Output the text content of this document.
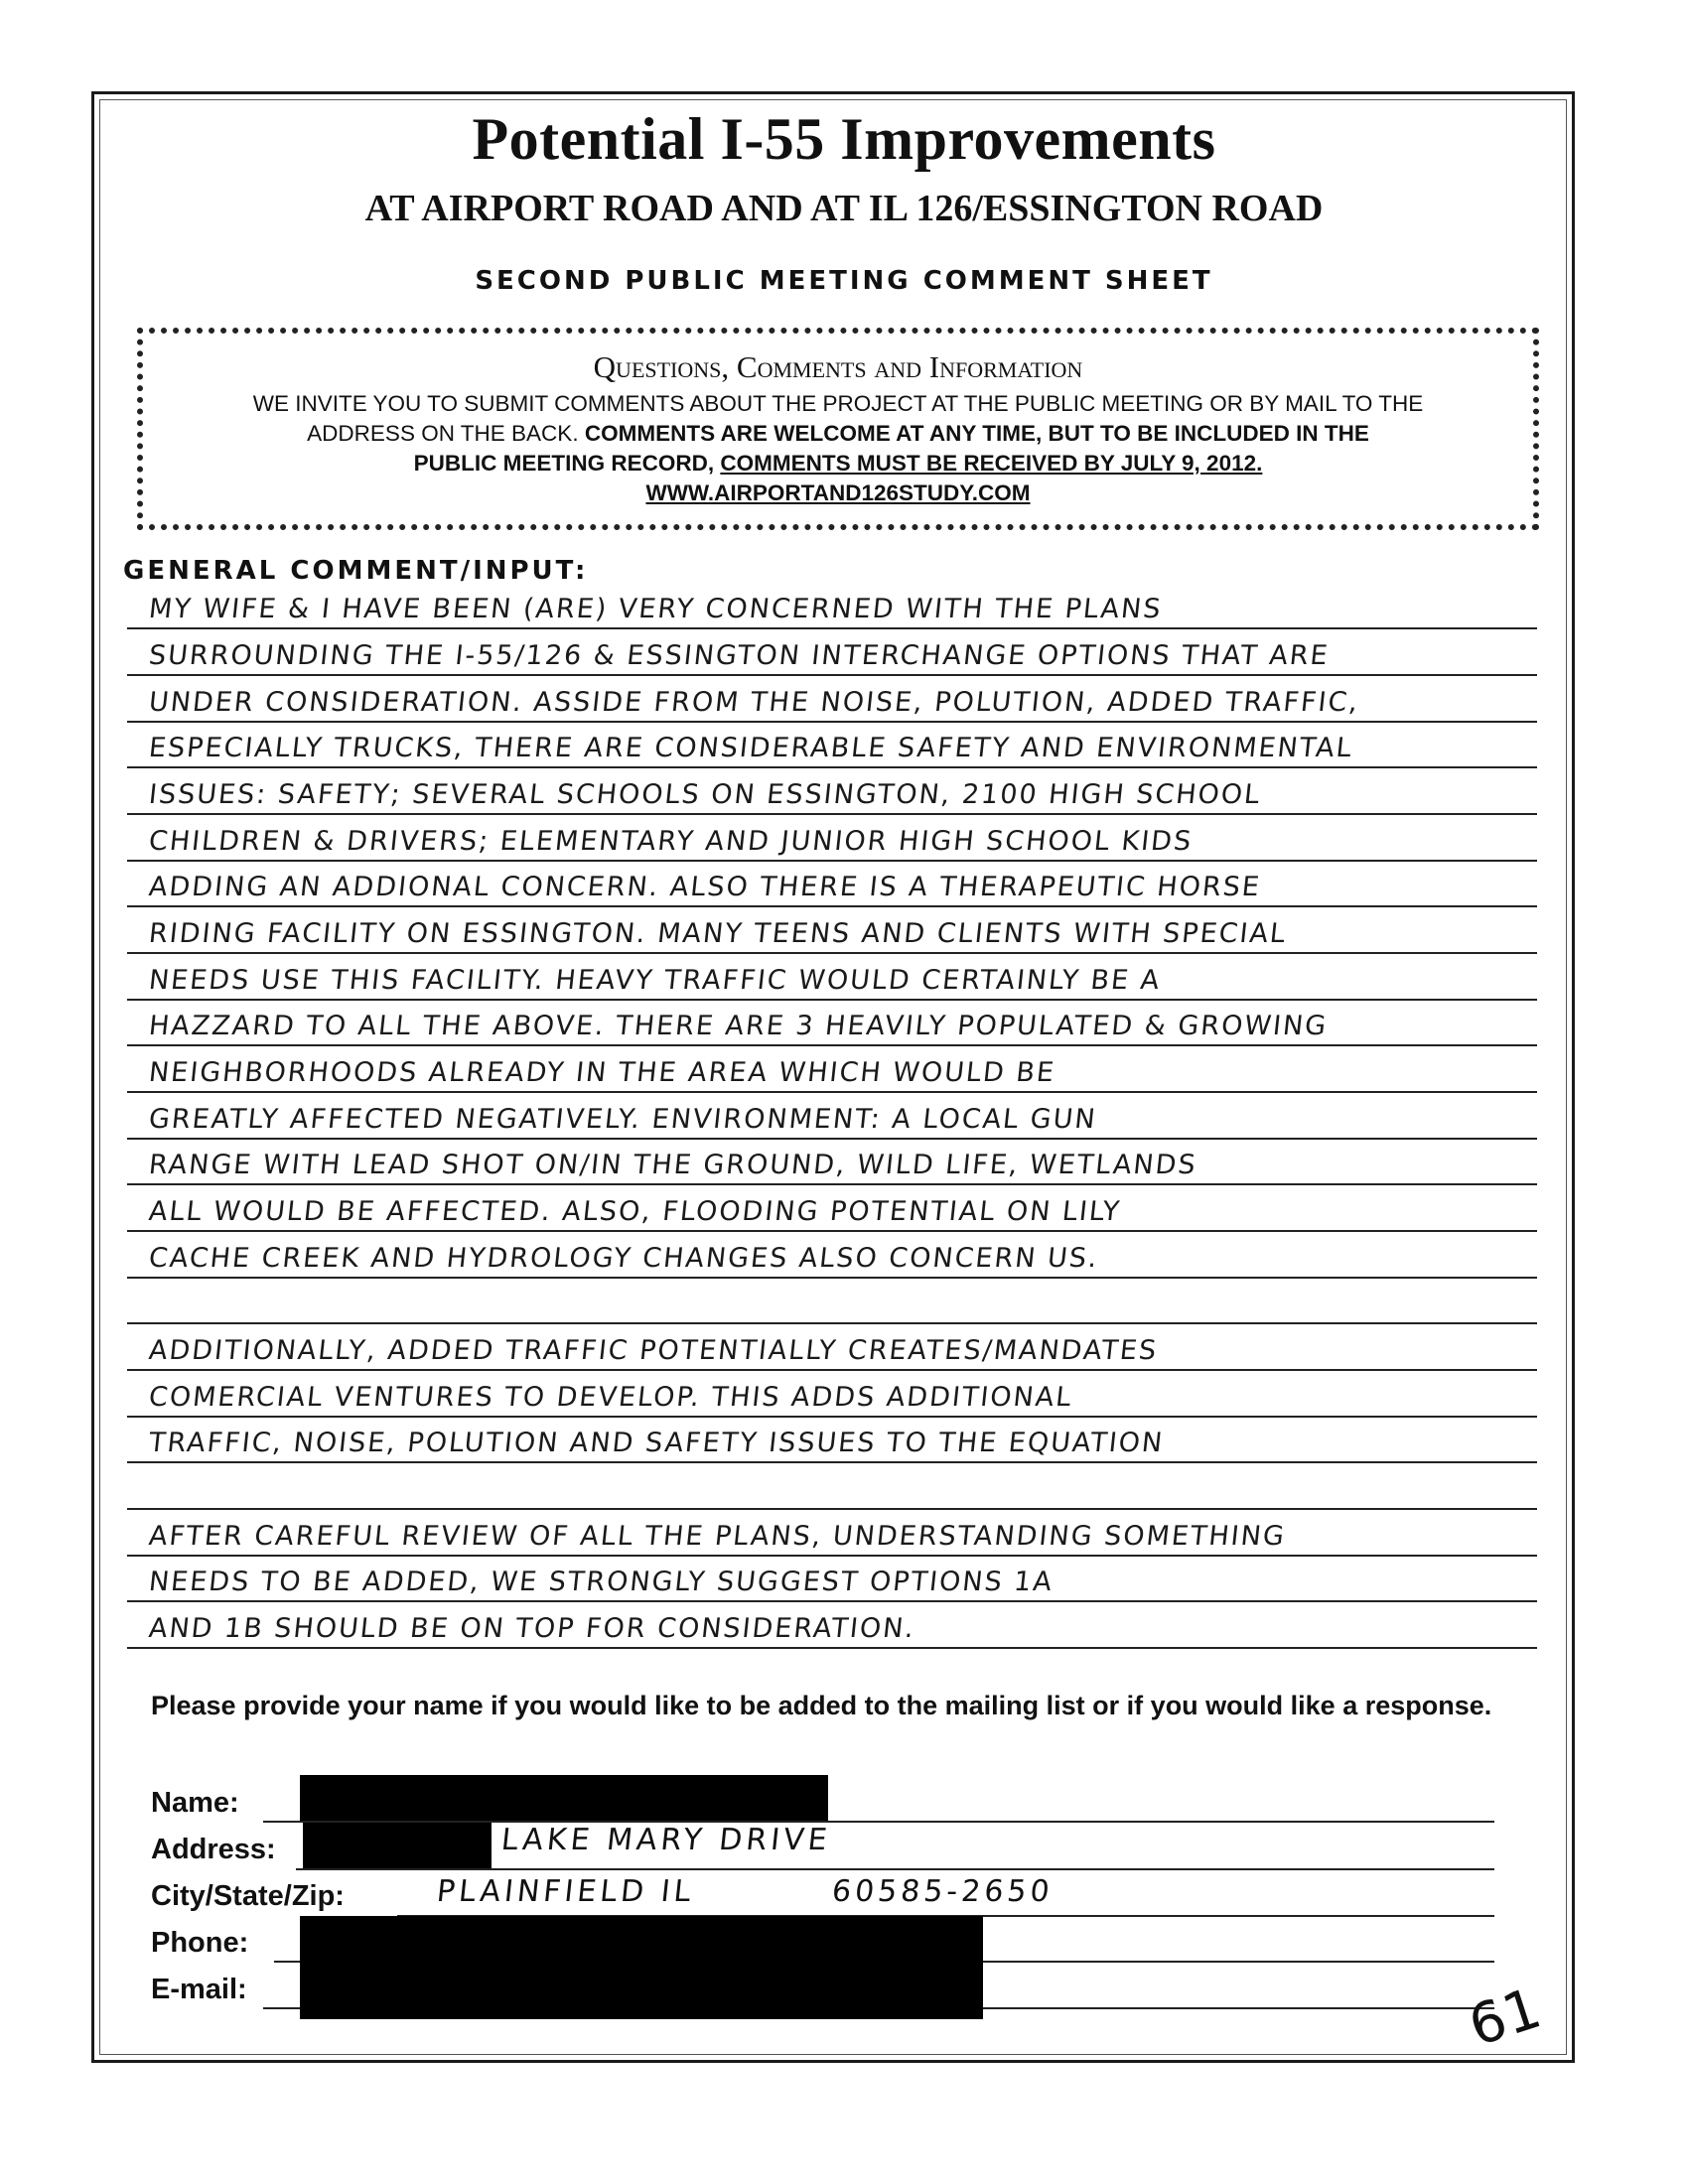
Potential I-55 Improvements
AT AIRPORT ROAD AND AT IL 126/ESSINGTON ROAD
SECOND PUBLIC MEETING COMMENT SHEET
Questions, Comments and Information
WE INVITE YOU TO SUBMIT COMMENTS ABOUT THE PROJECT AT THE PUBLIC MEETING OR BY MAIL TO THE
ADDRESS ON THE BACK. COMMENTS ARE WELCOME AT ANY TIME, BUT TO BE INCLUDED IN THE
PUBLIC MEETING RECORD, COMMENTS MUST BE RECEIVED BY JULY 9, 2012.
WWW.AIRPORTAND126STUDY.COM
GENERAL COMMENT/INPUT:
MY WIFE & I HAVE BEEN (ARE) VERY CONCERNED WITH THE PLANS
SURROUNDING THE I-55/126 & ESSINGTON INTERCHANGE OPTIONS THAT ARE
UNDER CONSIDERATION. ASSIDE FROM THE NOISE, POLUTION, ADDED TRAFFIC,
ESPECIALLY TRUCKS, THERE ARE CONSIDERABLE SAFETY AND ENVIRONMENTAL
ISSUES: SAFETY; SEVERAL SCHOOLS ON ESSINGTON, 2100 HIGH SCHOOL
CHILDREN & DRIVERS; ELEMENTARY AND JUNIOR HIGH SCHOOL KIDS
ADDING AN ADDIONAL CONCERN. ALSO THERE IS A THERAPEUTIC HORSE
RIDING FACILITY ON ESSINGTON. MANY TEENS AND CLIENTS WITH SPECIAL
NEEDS USE THIS FACILITY. HEAVY TRAFFIC WOULD CERTAINLY BE A
HAZZARD TO ALL THE ABOVE. THERE ARE 3 HEAVILY POPULATED & GROWING
NEIGHBORHOODS ALREADY IN THE AREA WHICH WOULD BE
GREATLY AFFECTED NEGATIVELY. ENVIRONMENT: A LOCAL GUN
RANGE WITH LEAD SHOT ON/IN THE GROUND, WILD LIFE, WETLANDS
ALL WOULD BE AFFECTED. ALSO, FLOODING POTENTIAL ON LILY
CACHE CREEK AND HYDROLOGY CHANGES ALSO CONCERN US.
ADDITIONALLY, ADDED TRAFFIC POTENTIALLY CREATES/MANDATES
COMERCIAL VENTURES TO DEVELOP. THIS ADDS ADDITIONAL
TRAFFIC, NOISE, POLUTION AND SAFETY ISSUES TO THE EQUATION
AFTER CAREFUL REVIEW OF ALL THE PLANS, UNDERSTANDING SOMETHING
NEEDS TO BE ADDED, WE STRONGLY SUGGEST OPTIONS 1A
AND 1B SHOULD BE ON TOP FOR CONSIDERATION.
Please provide your name if you would like to be added to the mailing list or if you would like a response.
Name:
Address:	LAKE MARY DRIVE
City/State/Zip:	PLAINFIELD IL	60585-2650
Phone:
E-mail:	61
